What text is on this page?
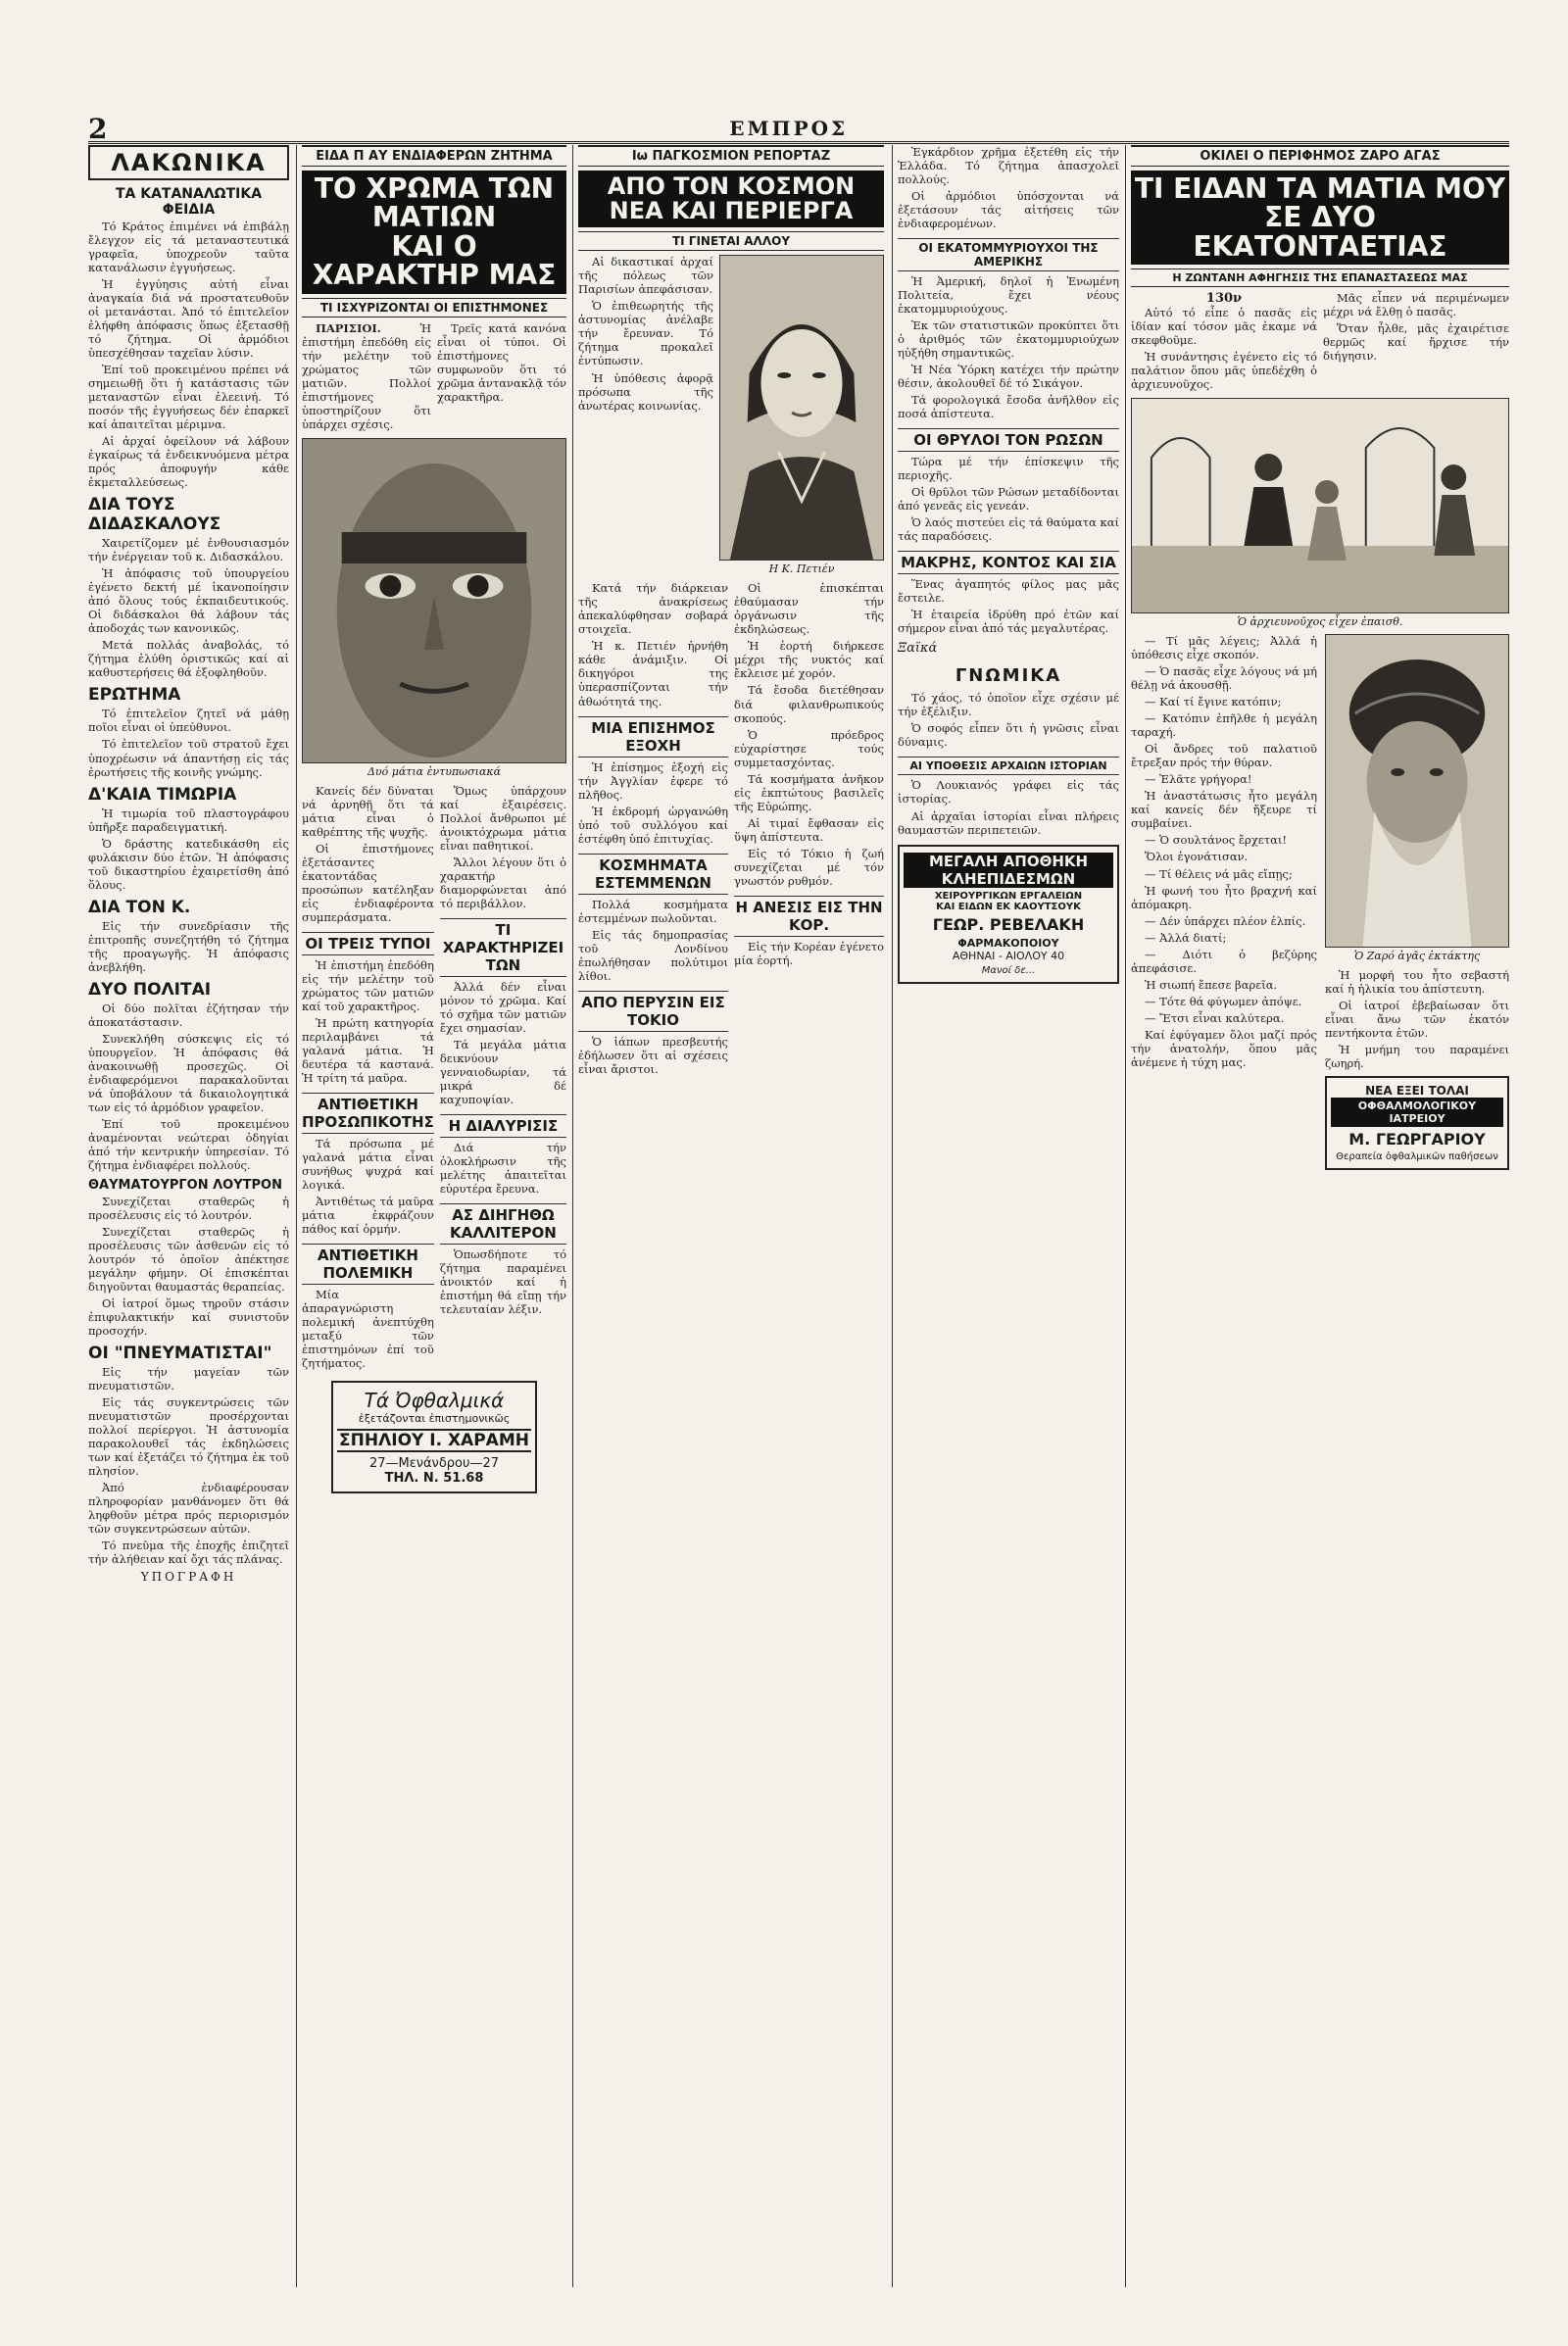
2	ΕΜΠΡΟΣ
ΛΑΚΩΝΙΚΑ
ΤΑ ΚΑΤΑΝΑΛΩΤΙΚΑ ΦΕΙΔΙΑ

Τό Κράτος ἐπιμένει νά ἐπιβάλῃ ἔλεγχον εἰς τά μεταναστευτικά γραφεῖα, ὑποχρεοῦν ταῦτα κατανάλωσιν ἐγγυήσεως.

Ἡ ἐγγύησις αὐτή εἶναι ἀναγκαία διά νά προστατευθοῦν οἱ μετανάσται. Ἀπό τό ἐπιτελεῖον ἐλήφθη ἀπόφασις ὅπως ἐξετασθῇ τό ζήτημα. Οἱ ἀρμόδιοι ὑπεσχέθησαν ταχεῖαν λύσιν.

Ἐπί τοῦ προκειμένου πρέπει νά σημειωθῇ ὅτι ἡ κατάστασις τῶν μεταναστῶν εἶναι ἐλεεινή. Τό ποσόν τῆς ἐγγυήσεως δέν ἐπαρκεῖ καί ἀπαιτεῖται μέριμνα.

Αἱ ἀρχαί ὀφείλουν νά λάβουν ἐγκαίρως τά ἐνδεικνυόμενα μέτρα πρός ἀποφυγήν κάθε ἐκμεταλλεύσεως.

ΔΙΑ ΤΟΥΣ ΔΙΔΑΣΚΑΛΟΥΣ

Χαιρετίζομεν μέ ἐνθουσιασμόν τήν ἐνέργειαν τοῦ κ. Διδασκάλου.

Ἡ ἀπόφασις τοῦ ὑπουργείου ἐγένετο δεκτή μέ ἱκανοποίησιν ἀπό ὅλους τούς ἐκπαιδευτικούς. Οἱ διδάσκαλοι θά λάβουν τάς ἀποδοχάς των κανονικῶς.

Μετά πολλάς ἀναβολάς, τό ζήτημα ἐλύθη ὁριστικῶς καί αἱ καθυστερήσεις θά ἐξοφληθοῦν.

ΕΡΩΤΗΜΑ

Τό ἐπιτελεῖον ζητεῖ νά μάθῃ ποῖοι εἶναι οἱ ὑπεύθυνοι.

Τό ἐπιτελεῖον τοῦ στρατοῦ ἔχει ὑποχρέωσιν νά ἀπαντήσῃ εἰς τάς ἐρωτήσεις τῆς κοινῆς γνώμης.

Δ'ΚΑΙΑ ΤΙΜΩΡΙΑ

Ἡ τιμωρία τοῦ πλαστογράφου ὑπῆρξε παραδειγματική.

Ὁ δράστης κατεδικάσθη εἰς φυλάκισιν δύο ἐτῶν. Ἡ ἀπόφασις τοῦ δικαστηρίου ἐχαιρετίσθη ἀπό ὅλους.

ΔΙΑ ΤΟΝ Κ.

Εἰς τήν συνεδρίασιν τῆς ἐπιτροπῆς συνεζητήθη τό ζήτημα τῆς προαγωγῆς. Ἡ ἀπόφασις ἀνεβλήθη.

ΔΥΟ ΠΟΛΙΤΑΙ

Οἱ δύο πολῖται ἐζήτησαν τήν ἀποκατάστασιν.

Συνεκλήθη σύσκεψις εἰς τό ὑπουργεῖον. Ἡ ἀπόφασις θά ἀνακοινωθῇ προσεχῶς. Οἱ ἐνδιαφερόμενοι παρακαλοῦνται νά ὑποβάλουν τά δικαιολογητικά των εἰς τό ἀρμόδιον γραφεῖον.

Ἐπί τοῦ προκειμένου ἀναμένονται νεώτεραι ὁδηγίαι ἀπό τήν κεντρικήν ὑπηρεσίαν. Τό ζήτημα ἐνδιαφέρει πολλούς.

ΘΑΥΜΑΤΟΥΡΓΟΝ ΛΟΥΤΡΟΝ

Συνεχίζεται σταθερῶς ἡ προσέλευσις εἰς τό λουτρόν.

Συνεχίζεται σταθερῶς ἡ προσέλευσις τῶν ἀσθενῶν εἰς τό λουτρόν τό ὁποῖον ἀπέκτησε μεγάλην φήμην. Οἱ ἐπισκέπται διηγοῦνται θαυμαστάς θεραπείας.

Οἱ ἰατροί ὅμως τηροῦν στάσιν ἐπιφυλακτικήν καί συνιστοῦν προσοχήν.

ΟΙ "ΠΝΕΥΜΑΤΙΣΤΑΙ"

Εἰς τήν μαγείαν τῶν πνευματιστῶν.

Εἰς τάς συγκεντρώσεις τῶν πνευματιστῶν προσέρχονται πολλοί περίεργοι. Ἡ ἀστυνομία παρακολουθεῖ τάς ἐκδηλώσεις των καί ἐξετάζει τό ζήτημα ἐκ τοῦ πλησίον.

Ἀπό ἐνδιαφέρουσαν πληροφορίαν μανθάνομεν ὅτι θά ληφθοῦν μέτρα πρός περιορισμόν τῶν συγκεντρώσεων αὐτῶν.

Τό πνεῦμα τῆς ἐποχῆς ἐπιζητεῖ τήν ἀλήθειαν καί ὄχι τάς πλάνας.

ΥΠΟΓΡΑΦΗ
ΕΙΔΑ Π ΑΥ ΕΝΔΙΑΦΕΡΩΝ ΖΗΤΗΜΑ
ΤΟ ΧΡΩΜΑ ΤΩΝ ΜΑΤΙΩΝ
ΚΑΙ Ο ΧΑΡΑΚΤΗΡ ΜΑΣ
ΤΙ ΙΣΧΥΡΙΖΟΝΤΑΙ ΟΙ ΕΠΙΣΤΗΜΟΝΕΣ

ΠΑΡΙΣΙΟΙ. Ἡ ἐπιστήμη ἐπεδόθη εἰς τήν μελέτην τοῦ χρώματος τῶν ματιῶν. Πολλοί ἐπιστήμονες ὑποστηρίζουν ὅτι ὑπάρχει σχέσις.

Τρεῖς κατά κανόνα εἶναι οἱ τύποι. Οἱ ἐπιστήμονες συμφωνοῦν ὅτι τό χρῶμα ἀντανακλᾷ τόν χαρακτῆρα.

Δυό μάτια ἐντυπωσιακά

Κανείς δέν δύναται νά ἀρνηθῇ ὅτι τά μάτια εἶναι ὁ καθρέπτης τῆς ψυχῆς.

Οἱ ἐπιστήμονες ἐξετάσαντες ἑκατοντάδας προσώπων κατέληξαν εἰς ἐνδιαφέροντα συμπεράσματα.

ΟΙ ΤΡΕΙΣ ΤΥΠΟΙ

Ἡ ἐπιστήμη ἐπεδόθη εἰς τήν μελέτην τοῦ χρώματος τῶν ματιῶν καί τοῦ χαρακτῆρος.

Ἡ πρώτη κατηγορία περιλαμβάνει τά γαλανά μάτια. Ἡ δευτέρα τά καστανά. Ἡ τρίτη τά μαῦρα.

ΑΝΤΙΘΕΤΙΚΗ ΠΡΟΣΩΠΙΚΟΤΗΣ

Τά πρόσωπα μέ γαλανά μάτια εἶναι συνήθως ψυχρά καί λογικά.

Ἀντιθέτως τά μαῦρα μάτια ἐκφράζουν πάθος καί ὁρμήν.

ΑΝΤΙΘΕΤΙΚΗ ΠΟΛΕΜΙΚΗ

Μία ἀπαραγνώριστη πολεμική ἀνεπτύχθη μεταξύ τῶν ἐπιστημόνων ἐπί τοῦ ζητήματος.

Ὅμως ὑπάρχουν καί ἐξαιρέσεις. Πολλοί ἄνθρωποι μέ ἀνοικτόχρωμα μάτια εἶναι παθητικοί.

Ἄλλοι λέγουν ὅτι ὁ χαρακτήρ διαμορφώνεται ἀπό τό περιβάλλον.

ΤΙ ΧΑΡΑΚΤΗΡΙΖΕΙ ΤΩΝ

Ἀλλά δέν εἶναι μόνον τό χρῶμα. Καί τό σχῆμα τῶν ματιῶν ἔχει σημασίαν.

Τά μεγάλα μάτια δεικνύουν γενναιοδωρίαν, τά μικρά δέ καχυποψίαν.

Η ΔΙΑΛΥΡΙΣΙΣ

Διά τήν ὁλοκλήρωσιν τῆς μελέτης ἀπαιτεῖται εὐρυτέρα ἔρευνα.

ΑΣ ΔΙΗΓΗΘΩ ΚΑΛΛΙΤΕΡΟΝ

Ὁπωσδήποτε τό ζήτημα παραμένει ἀνοικτόν καί ἡ ἐπιστήμη θά εἴπῃ τήν τελευταίαν λέξιν.

Τά Ὀφθαλμικά
ἐξετάζονται ἐπιστημονικῶς
ΣΠΗΛΙΟΥ Ι. ΧΑΡΑΜΗ
27—Μενάνδρου—27
ΤΗΛ. Ν. 51.68
Ιω ΠΑΓΚΟΣΜΙΟΝ ΡΕΠΟΡΤΑΖ
ΑΠΟ ΤΟΝ ΚΟΣΜΟΝ
ΝΕΑ ΚΑΙ ΠΕΡΙΕΡΓΑ
ΤΙ ΓΙΝΕΤΑΙ ΑΛΛΟΥ

Αἱ δικαστικαί ἀρχαί τῆς πόλεως τῶν Παρισίων ἀπεφάσισαν.

Ὁ ἐπιθεωρητής τῆς ἀστυνομίας ἀνέλαβε τήν ἔρευναν. Τό ζήτημα προκαλεῖ ἐντύπωσιν.

Ἡ ὑπόθεσις ἀφορᾷ πρόσωπα τῆς ἀνωτέρας κοινωνίας.

Η Κ. Πετιέν

Κατά τήν διάρκειαν τῆς ἀνακρίσεως ἀπεκαλύφθησαν σοβαρά στοιχεῖα.

Ἡ κ. Πετιέν ἠρνήθη κάθε ἀνάμιξιν. Οἱ δικηγόροι της ὑπερασπίζονται τήν ἀθωότητά της.

ΜΙΑ ΕΠΙΣΗΜΟΣ ΕΞΟΧΗ

Ἡ ἐπίσημος ἐξοχή εἰς τήν Ἀγγλίαν ἐφερε τό πλῆθος.

Ἡ ἐκδρομή ὠργανώθη ὑπό τοῦ συλλόγου καί ἐστέφθη ὑπό ἐπιτυχίας.

ΚΟΣΜΗΜΑΤΑ ΕΣΤΕΜΜΕΝΩΝ

Πολλά κοσμήματα ἐστεμμένων πωλοῦνται.

Εἰς τάς δημοπρασίας τοῦ Λονδίνου ἐπωλήθησαν πολύτιμοι λίθοι.

ΑΠΟ ΠΕΡΥΣΙΝ ΕΙΣ ΤΟΚΙΟ

Ὁ ἰάπων πρεσβευτής ἐδήλωσεν ὅτι αἱ σχέσεις εἶναι ἄριστοι.

Οἱ ἐπισκέπται ἐθαύμασαν τήν ὀργάνωσιν τῆς ἐκδηλώσεως.

Ἡ ἑορτή διήρκεσε μέχρι τῆς νυκτός καί ἔκλεισε μέ χορόν.

Τά ἔσοδα διετέθησαν διά φιλανθρωπικούς σκοπούς.

Ὁ πρόεδρος εὐχαρίστησε τούς συμμετασχόντας.

Τά κοσμήματα ἀνῆκον εἰς ἐκπτώτους βασιλεῖς τῆς Εὐρώπης.

Αἱ τιμαί ἔφθασαν εἰς ὕψη ἀπίστευτα.

Εἰς τό Τόκιο ἡ ζωή συνεχίζεται μέ τόν γνωστόν ρυθμόν.

Η ΑΝΕΣΙΣ ΕΙΣ ΤΗΝ ΚΟΡ.

Εἰς τήν Κορέαν ἐγένετο μία ἐορτή.

Ἐγκάρδιον χρῆμα ἐξετέθη εἰς τήν Ἑλλάδα. Τό ζήτημα ἀπασχολεῖ πολλούς.

Οἱ ἀρμόδιοι ὑπόσχονται νά ἐξετάσουν τάς αἰτήσεις τῶν ἐνδιαφερομένων.

ΟΙ ΕΚΑΤΟΜΜΥΡΙΟΥΧΟΙ ΤΗΣ ΑΜΕΡΙΚΗΣ

Ἡ Ἀμερική, δηλοῖ ἡ Ἑνωμένη Πολιτεία, ἔχει νέους ἑκατομμυριούχους.

Ἐκ τῶν στατιστικῶν προκύπτει ὅτι ὁ ἀριθμός τῶν ἑκατομμυριούχων ηὐξήθη σημαντικῶς.

Ἡ Νέα Ὑόρκη κατέχει τήν πρώτην θέσιν, ἀκολουθεῖ δέ τό Σικάγον.

Τά φορολογικά ἔσοδα ἀνῆλθον εἰς ποσά ἀπίστευτα.

ΟΙ ΘΡΥΛΟΙ ΤΟΝ ΡΩΣΩΝ

Τώρα μέ τήν ἐπίσκεψιν τῆς περιοχῆς.

Οἱ θρῦλοι τῶν Ρώσων μεταδίδονται ἀπό γενεᾶς εἰς γενεάν.

Ὁ λαός πιστεύει εἰς τά θαύματα καί τάς παραδόσεις.

ΜΑΚΡΗΣ, ΚΟΝΤΟΣ ΚΑΙ ΣΙΑ

Ἕνας ἀγαπητός φίλος μας μᾶς ἔστειλε.

Ἡ ἑταιρεία ἱδρύθη πρό ἐτῶν καί σήμερον εἶναι ἀπό τάς μεγαλυτέρας.

Ξαϊκά
ΓΝΩΜΙΚΑ

Τό χάος, τό ὁποῖον εἶχε σχέσιν μέ τήν ἐξέλιξιν.

Ὁ σοφός εἶπεν ὅτι ἡ γνῶσις εἶναι δύναμις.

ΑΙ ΥΠΟΘΕΣΙΣ ΑΡΧΑΙΩΝ ΙΣΤΟΡΙΑΝ

Ὁ Λουκιανός γράφει εἰς τάς ἱστορίας.

Αἱ ἀρχαῖαι ἱστορίαι εἶναι πλήρεις θαυμαστῶν περιπετειῶν.

ΜΕΓΑΛΗ ΑΠΟΘΗΚΗ
ΚΛΗΕΠΙΔΕΣΜΩΝ
ΧΕΙΡΟΥΡΓΙΚΩΝ ΕΡΓΑΛΕΙΩΝ
ΚΑΙ ΕΙΔΩΝ ΕΚ ΚΑΟΥΤΣΟΥΚ
ΓΕΩΡ. ΡΕΒΕΛΑΚΗ
ΦΑΡΜΑΚΟΠΟΙΟΥ
ΑΘΗΝΑΙ - ΑΙΟΛΟΥ 40
Μανοί δε...
ΟΚΙΛΕΙ Ο ΠΕΡΙΦΗΜΟΣ ΖΑΡΟ ΑΓΑΣ
ΤΙ ΕΙΔΑΝ ΤΑ ΜΑΤΙΑ ΜΟΥ
ΣΕ ΔΥΟ ΕΚΑΤΟΝΤΑΕΤΙΑΣ
Η ΖΩΝΤΑΝΗ ΑΦΗΓΗΣΙΣ ΤΗΣ ΕΠΑΝΑΣΤΑΣΕΩΣ ΜΑΣ
130ν

Αὐτό τό εἶπε ὁ πασᾶς εἰς ἰδίαν καί τόσον μᾶς ἐκαμε νά σκεφθοῦμε.

Ἡ συνάντησις ἐγένετο εἰς τό παλάτιον ὅπου μᾶς ὑπεδέχθη ὁ ἀρχιευνοῦχος.

Μᾶς εἶπεν νά περιμένωμεν μέχρι νά ἔλθῃ ὁ πασᾶς.

Ὅταν ἦλθε, μᾶς ἐχαιρέτισε θερμῶς καί ἤρχισε τήν διήγησιν.

Ὁ ἀρχιευνοῦχος εἶχεν ἐπαισθ.

— Τί μᾶς λέγεις; Ἀλλά ἡ ὑπόθεσις εἶχε σκοπόν.

— Ὁ πασᾶς εἶχε λόγους νά μή θέλῃ νά ἀκουσθῇ.

— Καί τί ἔγινε κατόπιν;

— Κατόπιν ἐπῆλθε ἡ μεγάλη ταραχή.

Οἱ ἄνδρες τοῦ παλατιοῦ ἔτρεξαν πρός τήν θύραν.

— Ἐλᾶτε γρήγορα!

Ἡ ἀναστάτωσις ἦτο μεγάλη καί κανείς δέν ἤξευρε τί συμβαίνει.

— Ὁ σουλτάνος ἔρχεται!

Ὅλοι ἐγονάτισαν.

— Τί θέλεις νά μᾶς εἴπῃς;

Ἡ φωνή του ἦτο βραχνή καί ἀπόμακρη.

— Δέν ὑπάρχει πλέον ἐλπίς.

— Ἀλλά διατί;

— Διότι ὁ βεζύρης ἀπεφάσισε.

Ἡ σιωπή ἔπεσε βαρεῖα.

— Τότε θά φύγωμεν ἀπόψε.

— Ἔτσι εἶναι καλύτερα.

Καί ἐφύγαμεν ὅλοι μαζί πρός τήν ἀνατολήν, ὅπου μᾶς ἀνέμενε ἡ τύχη μας.

Ὁ Ζαρό ἀγᾶς ἐκτάκτης

Ἡ μορφή του ἦτο σεβαστή καί ἡ ἠλικία του ἀπίστευτη.

Οἱ ἰατροί ἐβεβαίωσαν ὅτι εἶναι ἄνω τῶν ἑκατόν πεντήκοντα ἐτῶν.

Ἡ μνήμη του παραμένει ζωηρή.

ΝΕΑ ΕΞΕΙ ΤΟΛΑΙ
ΟΦΘΑΛΜΟΛΟΓΙΚΟΥ ΙΑΤΡΕΙΟΥ
Μ. ΓΕΩΡΓΑΡΙΟΥ
Θεραπεία ὀφθαλμικῶν παθήσεων
